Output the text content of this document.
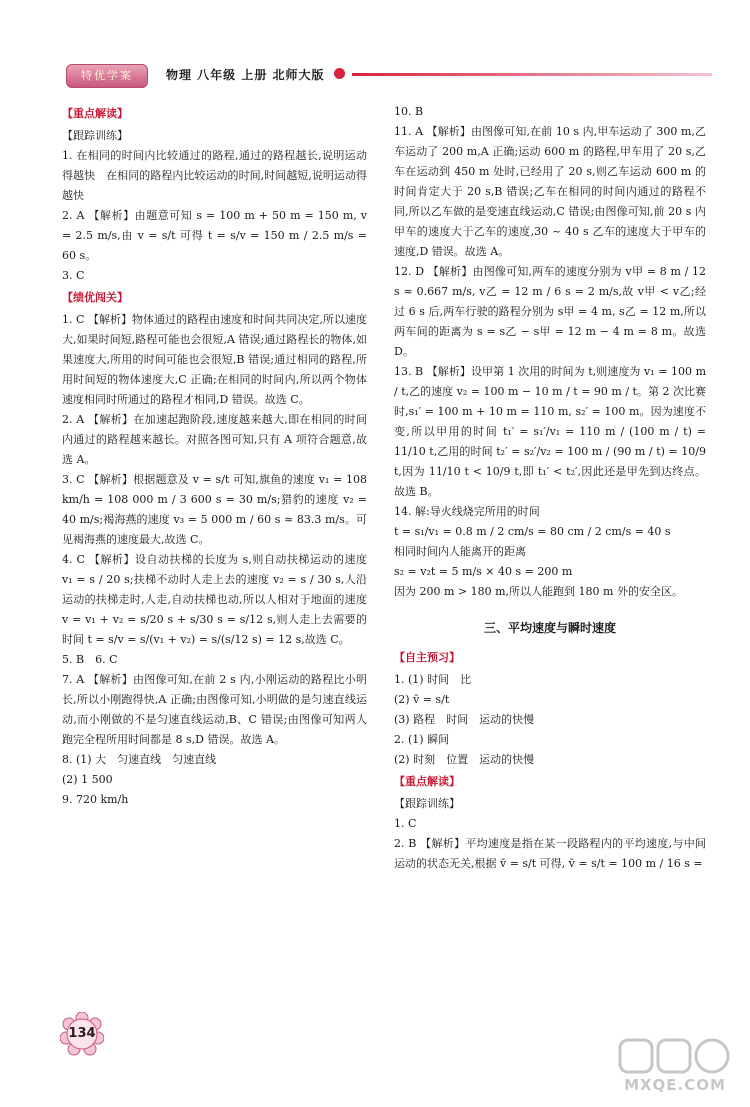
特优学案	物理 八年级 上册 北师大版
【重点解读】
【跟踪训练】
1. 在相同的时间内比较通过的路程,通过的路程越长,说明运动得越快　在相同的路程内比较运动的时间,时间越短,说明运动得越快
2. A 【解析】由题意可知 s = 100 m + 50 m = 150 m, v = 2.5 m/s,由 v = s/t 可得 t = s/v = 150 m / 2.5 m/s = 60 s。
3. C
【绩优闯关】
1. C 【解析】物体通过的路程由速度和时间共同决定,所以速度大,如果时间短,路程可能也会很短,A 错误;通过路程长的物体,如果速度大,所用的时间可能也会很短,B 错误;通过相同的路程,所用时间短的物体速度大,C 正确;在相同的时间内,所以两个物体速度相同时所通过的路程才相同,D 错误。故选 C。
2. A 【解析】在加速起跑阶段,速度越来越大,即在相同的时间内通过的路程越来越长。对照各图可知,只有 A 项符合题意,故选 A。
3. C 【解析】根据题意及 v = s/t 可知,旗鱼的速度 v₁ = 108 km/h = 108 000 m / 3 600 s = 30 m/s;猎豹的速度 v₂ = 40 m/s;褐海燕的速度 v₃ = 5 000 m / 60 s ≈ 83.3 m/s。可见褐海燕的速度最大,故选 C。
4. C 【解析】设自动扶梯的长度为 s,则自动扶梯运动的速度 v₁ = s / 20 s;扶梯不动时人走上去的速度 v₂ = s / 30 s,人沿运动的扶梯走时,人走,自动扶梯也动,所以人相对于地面的速度 v = v₁ + v₂ = s/20 s + s/30 s = s/12 s,则人走上去需要的时间 t = s/v = s/(v₁ + v₂) = s/(s/12 s) = 12 s,故选 C。
5. B　6. C
7. A 【解析】由图像可知,在前 2 s 内,小刚运动的路程比小明长,所以小刚跑得快,A 正确;由图像可知,小明做的是匀速直线运动,而小刚做的不是匀速直线运动,B、C 错误;由图像可知两人跑完全程所用时间都是 8 s,D 错误。故选 A。
8. (1) 大　匀速直线　匀速直线
(2) 1 500
9. 720 km/h
10. B
11. A 【解析】由图像可知,在前 10 s 内,甲车运动了 300 m,乙车运动了 200 m,A 正确;运动 600 m 的路程,甲车用了 20 s,乙车在运动到 450 m 处时,已经用了 20 s,则乙车运动 600 m 的时间肯定大于 20 s,B 错误;乙车在相同的时间内通过的路程不同,所以乙车做的是变速直线运动,C 错误;由图像可知,前 20 s 内甲车的速度大于乙车的速度,30 ~ 40 s 乙车的速度大于甲车的速度,D 错误。故选 A。
12. D 【解析】由图像可知,两车的速度分别为 v甲 = 8 m / 12 s ≈ 0.667 m/s, v乙 = 12 m / 6 s = 2 m/s,故 v甲 < v乙;经过 6 s 后,两车行驶的路程分别为 s甲 = 4 m, s乙 = 12 m,所以两车间的距离为 s = s乙 − s甲 = 12 m − 4 m = 8 m。故选 D。
13. B 【解析】设甲第 1 次用的时间为 t,则速度为 v₁ = 100 m / t,乙的速度 v₂ = 100 m − 10 m / t = 90 m / t。第 2 次比赛时,s₁′ = 100 m + 10 m = 110 m, s₂′ = 100 m。因为速度不变,所以甲用的时间 t₁′ = s₁′/v₁ = 110 m / (100 m / t) = 11/10 t,乙用的时间 t₂′ = s₂′/v₂ = 100 m / (90 m / t) = 10/9 t,因为 11/10 t < 10/9 t,即 t₁′ < t₂′,因此还是甲先到达终点。故选 B。
14. 解:导火线烧完所用的时间
t = s₁/v₁ = 0.8 m / 2 cm/s = 80 cm / 2 cm/s = 40 s
相同时间内人能离开的距离
s₂ = v₂t = 5 m/s × 40 s = 200 m
因为 200 m > 180 m,所以人能跑到 180 m 外的安全区。
三、平均速度与瞬时速度
【自主预习】
1. (1) 时间　比
(2) v̄ = s/t
(3) 路程　时间　运动的快慢
2. (1) 瞬间
(2) 时刻　位置　运动的快慢
【重点解读】
【跟踪训练】
1. C
2. B 【解析】平均速度是指在某一段路程内的平均速度,与中间运动的状态无关,根据 v̄ = s/t 可得, v̄ = s/t = 100 m / 16 s =
134
MXQE.COM
